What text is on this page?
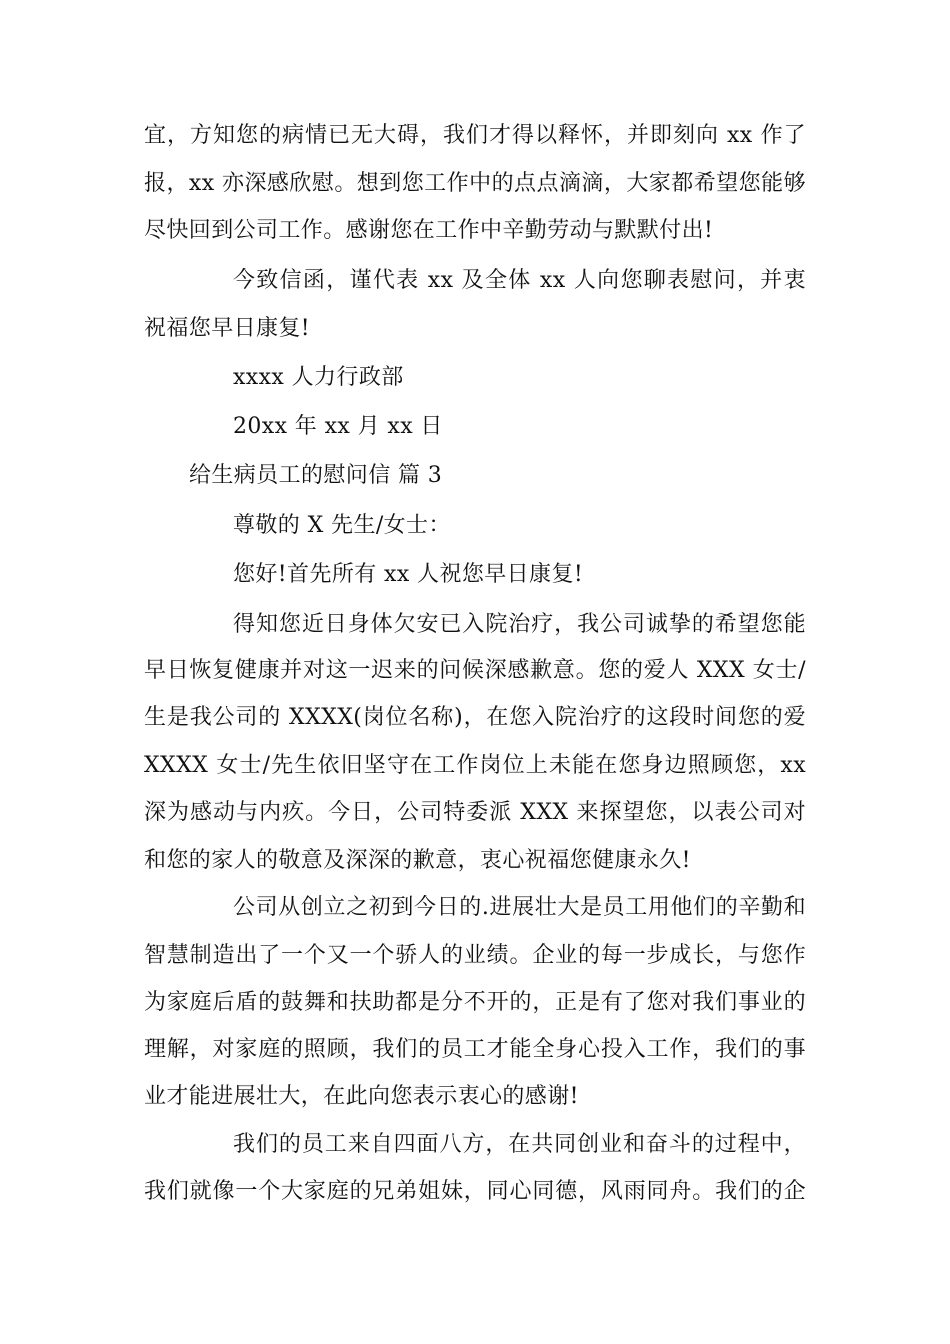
宜，方知您的病情已无大碍，我们才得以释怀，并即刻向 xx 作了
报，xx 亦深感欣慰。想到您工作中的点点滴滴，大家都希望您能够
尽快回到公司工作。感谢您在工作中辛勤劳动与默默付出!
今致信函，谨代表 xx 及全体 xx 人向您聊表慰问，并衷
祝福您早日康复!
xxxx 人力行政部
20xx 年 xx 月 xx 日
给生病员工的慰问信 篇 3
尊敬的 X 先生/女士：
您好!首先所有 xx 人祝您早日康复!
得知您近日身体欠安已入院治疗，我公司诚挚的希望您能
早日恢复健康并对这一迟来的问候深感歉意。您的爱人 XXX 女士/
生是我公司的 XXXX(岗位名称)，在您入院治疗的这段时间您的爱
XXXX 女士/先生依旧坚守在工作岗位上未能在您身边照顾您，xx
深为感动与内疚。今日，公司特委派 XXX 来探望您，以表公司对
和您的家人的敬意及深深的歉意，衷心祝福您健康永久!
公司从创立之初到今日的.进展壮大是员工用他们的辛勤和
智慧制造出了一个又一个骄人的业绩。企业的每一步成长，与您作
为家庭后盾的鼓舞和扶助都是分不开的，正是有了您对我们事业的
理解，对家庭的照顾，我们的员工才能全身心投入工作，我们的事
业才能进展壮大，在此向您表示衷心的感谢!
我们的员工来自四面八方，在共同创业和奋斗的过程中，
我们就像一个大家庭的兄弟姐妹，同心同德，风雨同舟。我们的企
